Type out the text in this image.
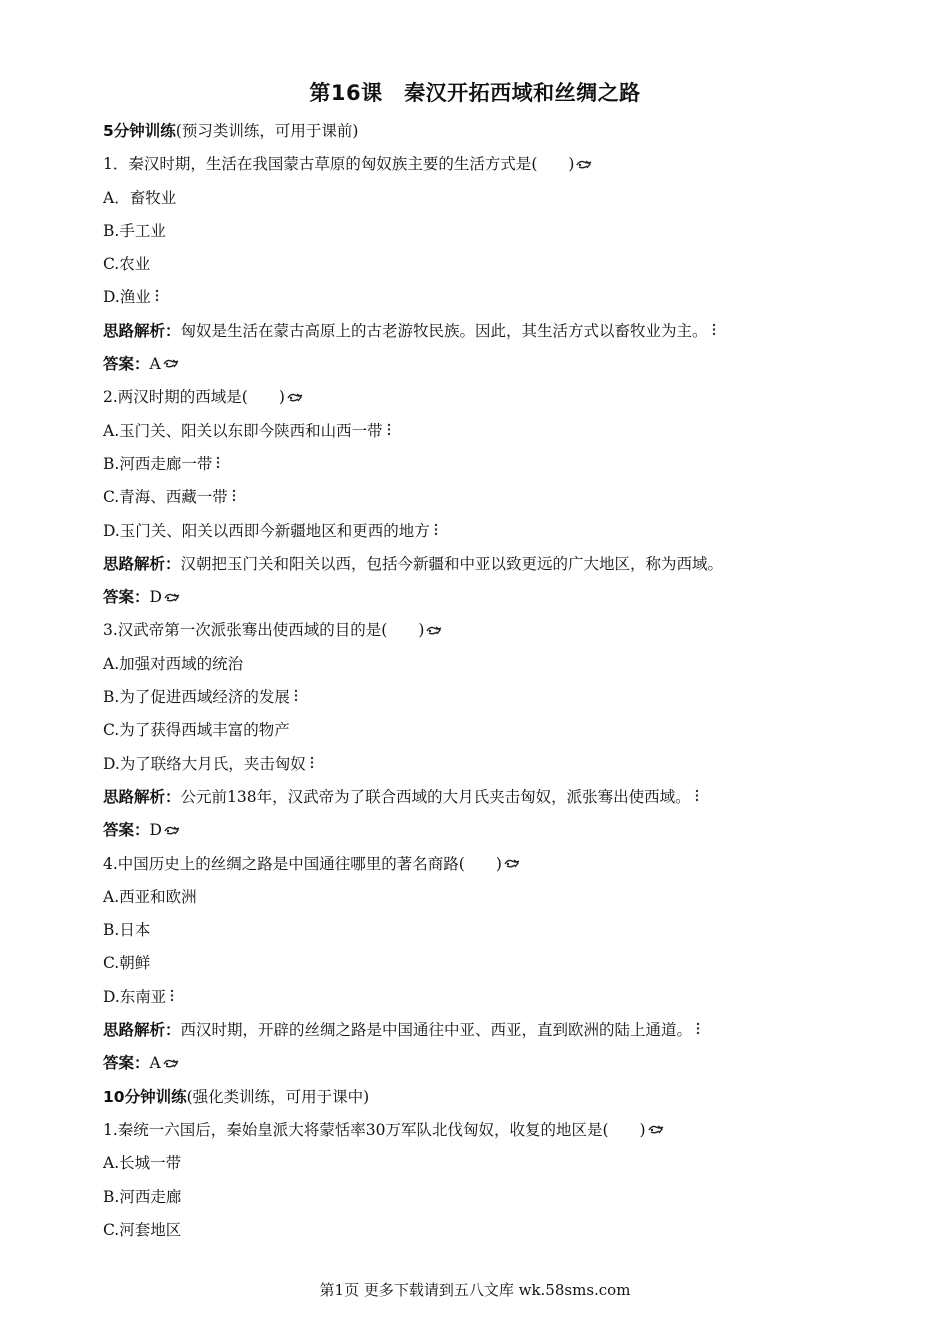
第16课　秦汉开拓西域和丝绸之路
5分钟训练(预习类训练，可用于课前)
1．秦汉时期，生活在我国蒙古草原的匈奴族主要的生活方式是(　　)
A．畜牧业
B.手工业
C.农业
D.渔业
思路解析：匈奴是生活在蒙古高原上的古老游牧民族。因此，其生活方式以畜牧业为主。
答案：A
2.两汉时期的西域是(　　)
A.玉门关、阳关以东即今陕西和山西一带
B.河西走廊一带
C.青海、西藏一带
D.玉门关、阳关以西即今新疆地区和更西的地方
思路解析：汉朝把玉门关和阳关以西，包括今新疆和中亚以致更远的广大地区，称为西域。
答案：D
3.汉武帝第一次派张骞出使西域的目的是(　　)
A.加强对西域的统治
B.为了促进西域经济的发展
C.为了获得西域丰富的物产
D.为了联络大月氏，夹击匈奴
思路解析：公元前138年，汉武帝为了联合西域的大月氏夹击匈奴，派张骞出使西域。
答案：D
4.中国历史上的丝绸之路是中国通往哪里的著名商路(　　)
A.西亚和欧洲
B.日本
C.朝鲜
D.东南亚
思路解析：西汉时期，开辟的丝绸之路是中国通往中亚、西亚，直到欧洲的陆上通道。
答案：A
10分钟训练(强化类训练，可用于课中)
1.秦统一六国后，秦始皇派大将蒙恬率30万军队北伐匈奴，收复的地区是(　　)
A.长城一带
B.河西走廊
C.河套地区
第1页 更多下载请到五八文库 wk.58sms.com
